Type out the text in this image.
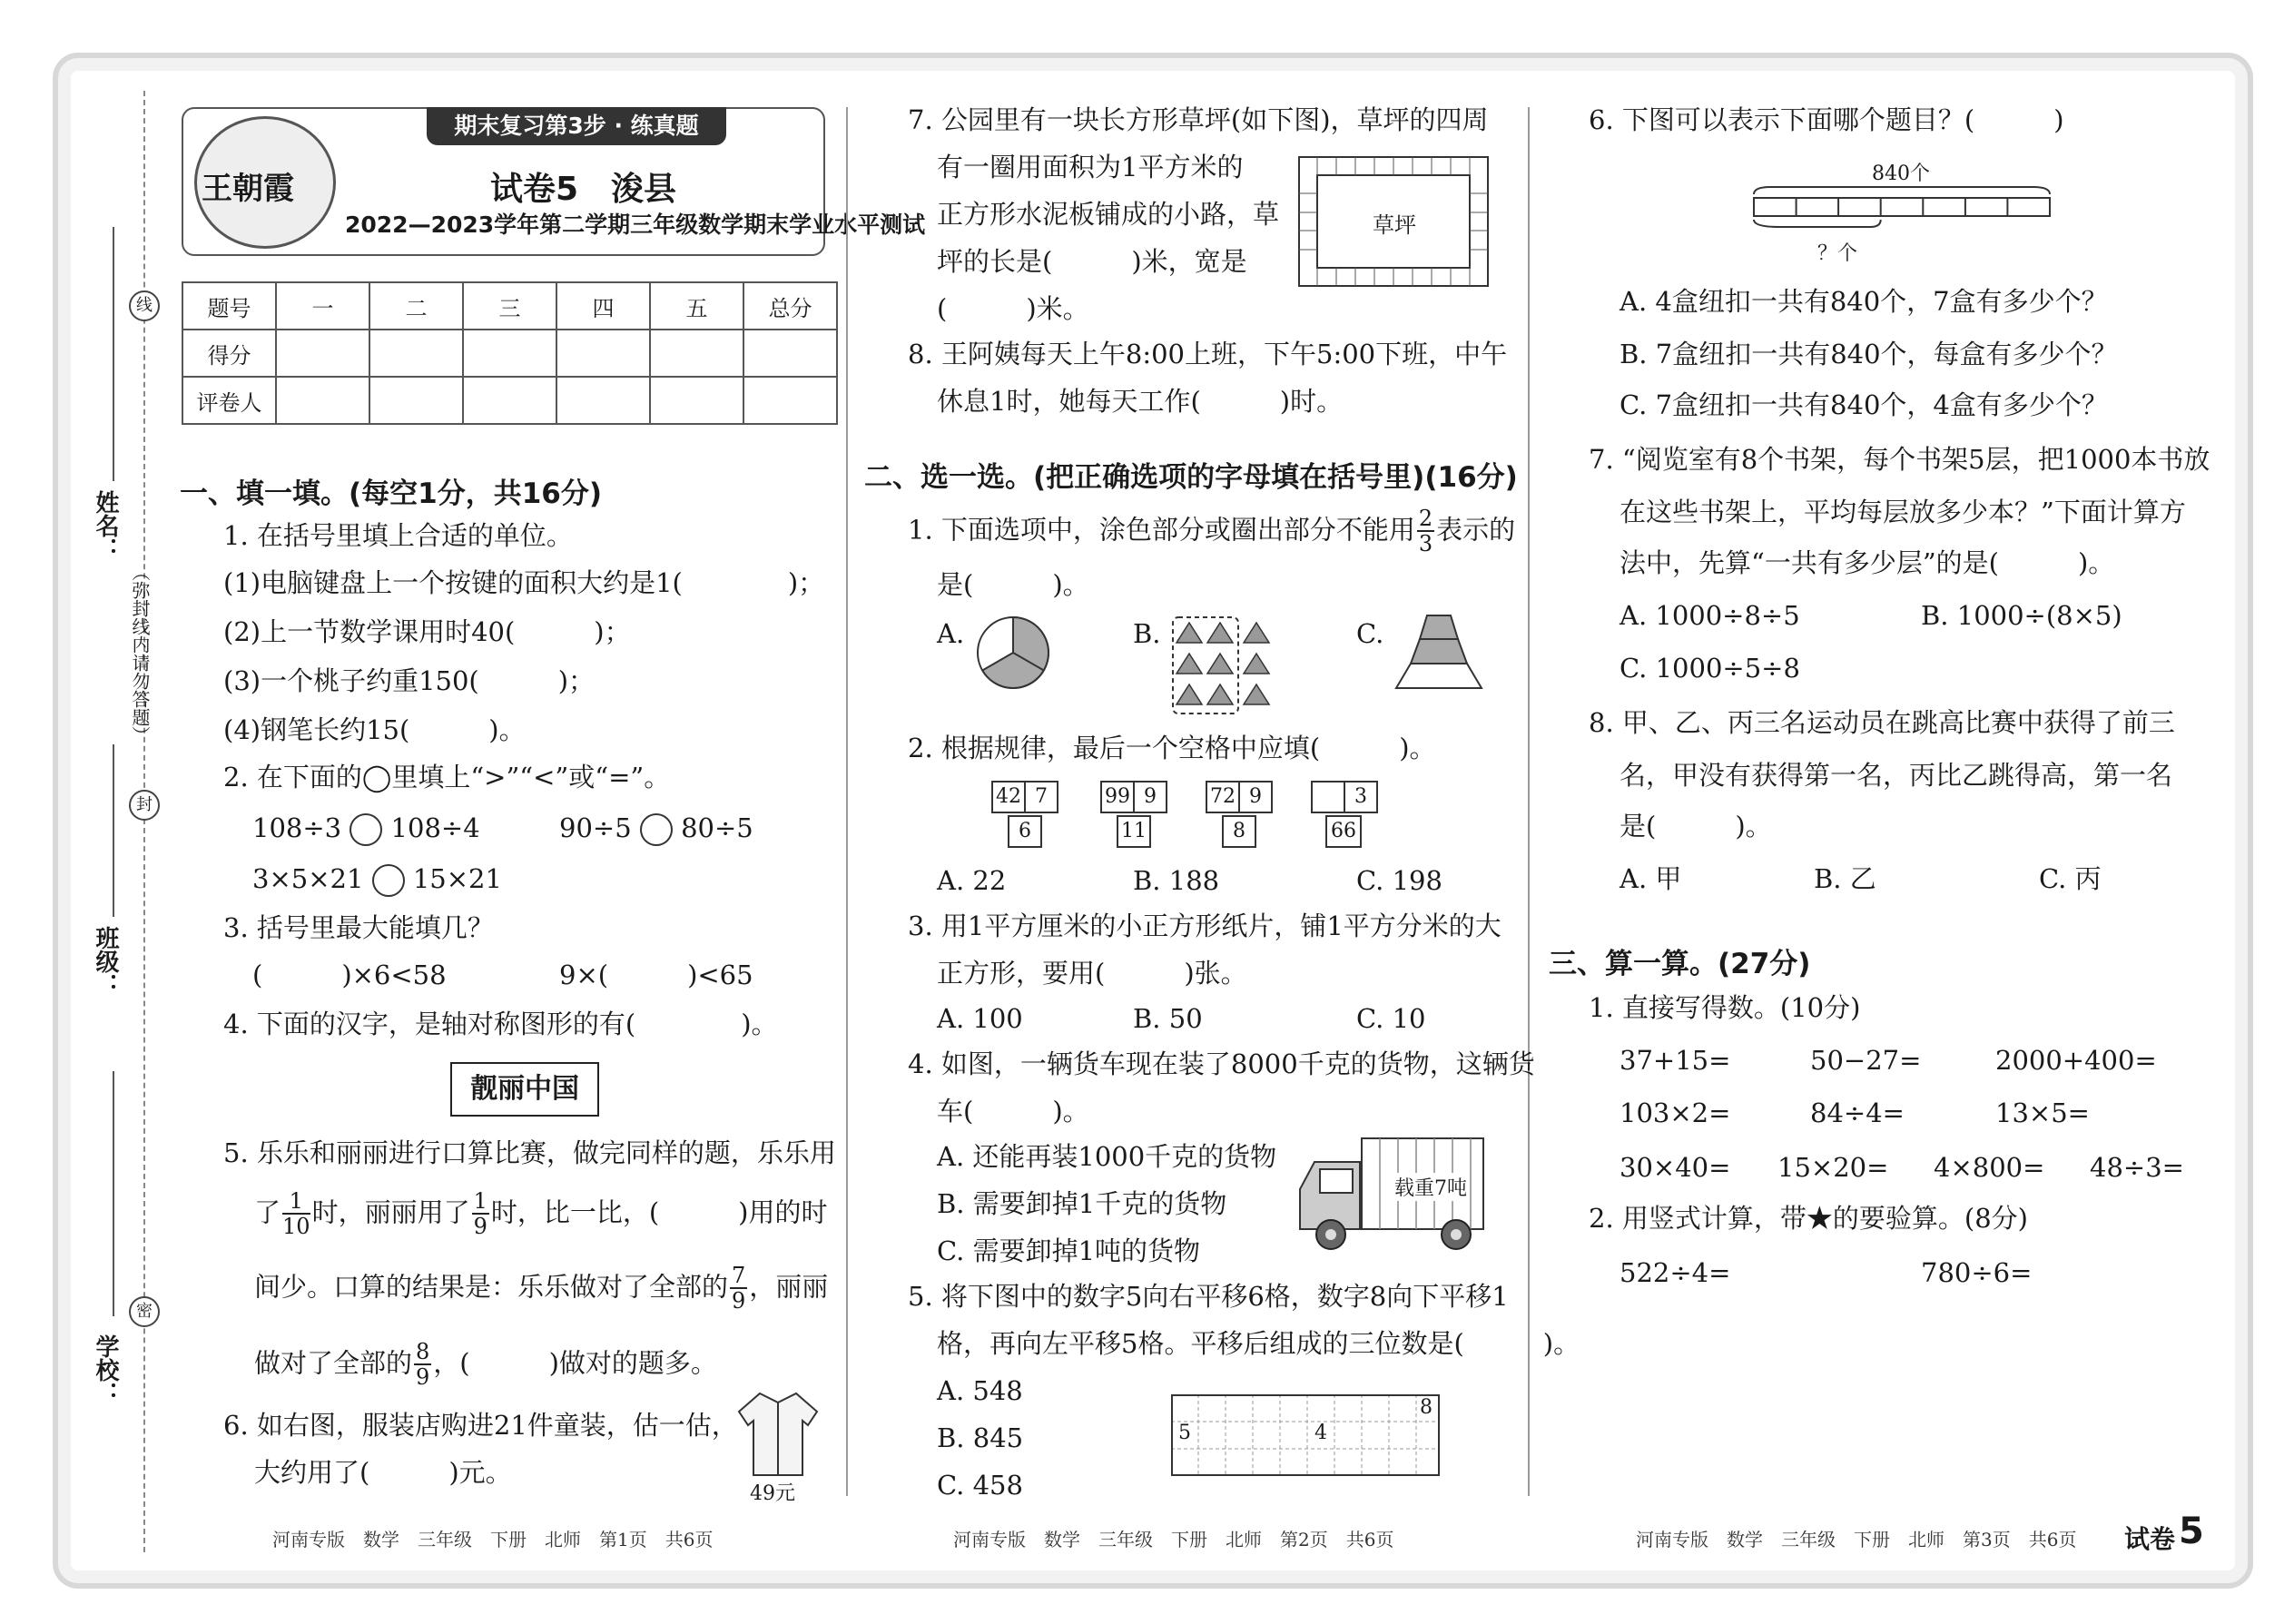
学校：
班级：
姓名：
（弥封线内请勿答题）
线
封
密
王朝霞
期末复习第3步 · 练真题
试卷5　浚县
2022—2023学年第二学期三年级数学期末学业水平测试
题号	一	二	三	四	五	总分
得分						
评卷人						
一、填一填。(每空1分，共16分)
1. 在括号里填上合适的单位。
(1)电脑键盘上一个按键的面积大约是1(　　　　)；
(2)上一节数学课用时40(　　　)；
(3)一个桃子约重150(　　　)；
(4)钢笔长约15(　　　)。
2. 在下面的◯里填上“>”“<”或“=”。
108÷3 108÷4	90÷5 80÷5
3×5×21 15×21
3. 括号里最大能填几？
(　　　)×6<58	9×(　　　)<65
4. 下面的汉字，是轴对称图形的有(　　　　)。
靓丽中国
5. 乐乐和丽丽进行口算比赛，做完同样的题，乐乐用
了 $\frac{1}{10}$ 时，丽丽用了 $\frac{1}{9}$ 时，比一比，(　　　)用的时
间少。口算的结果是：乐乐做对了全部的 $\frac{7}{9}$ ，丽丽
做对了全部的 $\frac{8}{9}$ ，(　　　)做对的题多。
6. 如右图，服装店购进21件童装，估一估，
大约用了(　　　)元。
49元
7. 公园里有一块长方形草坪(如下图)，草坪的四周
有一圈用面积为1平方米的
正方形水泥板铺成的小路，草
坪的长是(　　　)米，宽是
(　　　)米。
草坪
8. 王阿姨每天上午8:00上班，下午5:00下班，中午
休息1时，她每天工作(　　　)时。
二、选一选。(把正确选项的字母填在括号里)(16分)
1. 下面选项中，涂色部分或圈出部分不能用 $\frac{2}{3}$ 表示的
是(　　　)。
A.	B.	C.
2. 根据规律，最后一个空格中应填(　　　)。
42 7
6
99 9
11
72 9
8
3
66
A. 22	B. 188	C. 198
3. 用1平方厘米的小正方形纸片，铺1平方分米的大
正方形，要用(　　　)张。
A. 100	B. 50	C. 10
4. 如图，一辆货车现在装了8000千克的货物，这辆货
车(　　　)。
A. 还能再装1000千克的货物
B. 需要卸掉1千克的货物
C. 需要卸掉1吨的货物
载重7吨
5. 将下图中的数字5向右平移6格，数字8向下平移1
格，再向左平移5格。平移后组成的三位数是(　　　)。
A. 548
B. 845
C. 458
5	4
8
6. 下图可以表示下面哪个题目？(　　　)
840个
？个
A. 4盒纽扣一共有840个，7盒有多少个？
B. 7盒纽扣一共有840个，每盒有多少个？
C. 7盒纽扣一共有840个，4盒有多少个？
7. “阅览室有8个书架，每个书架5层，把1000本书放
在这些书架上，平均每层放多少本？”下面计算方
法中，先算“一共有多少层”的是(　　　)。
A. 1000÷8÷5	B. 1000÷(8×5)
C. 1000÷5÷8
8. 甲、乙、丙三名运动员在跳高比赛中获得了前三
名，甲没有获得第一名，丙比乙跳得高，第一名
是(　　　)。
A. 甲	B. 乙	C. 丙
三、算一算。(27分)
1. 直接写得数。(10分)
37+15=	50−27=	2000+400=
103×2=	84÷4=	13×5=
30×40= 15×20= 4×800= 48÷3=
2. 用竖式计算，带★的要验算。(8分)
522÷4=	780÷6=
河南专版　数学　三年级　下册　北师　第1页　共6页	河南专版　数学　三年级　下册　北师　第2页　共6页	河南专版　数学　三年级　下册　北师　第3页　共6页 试卷 5
